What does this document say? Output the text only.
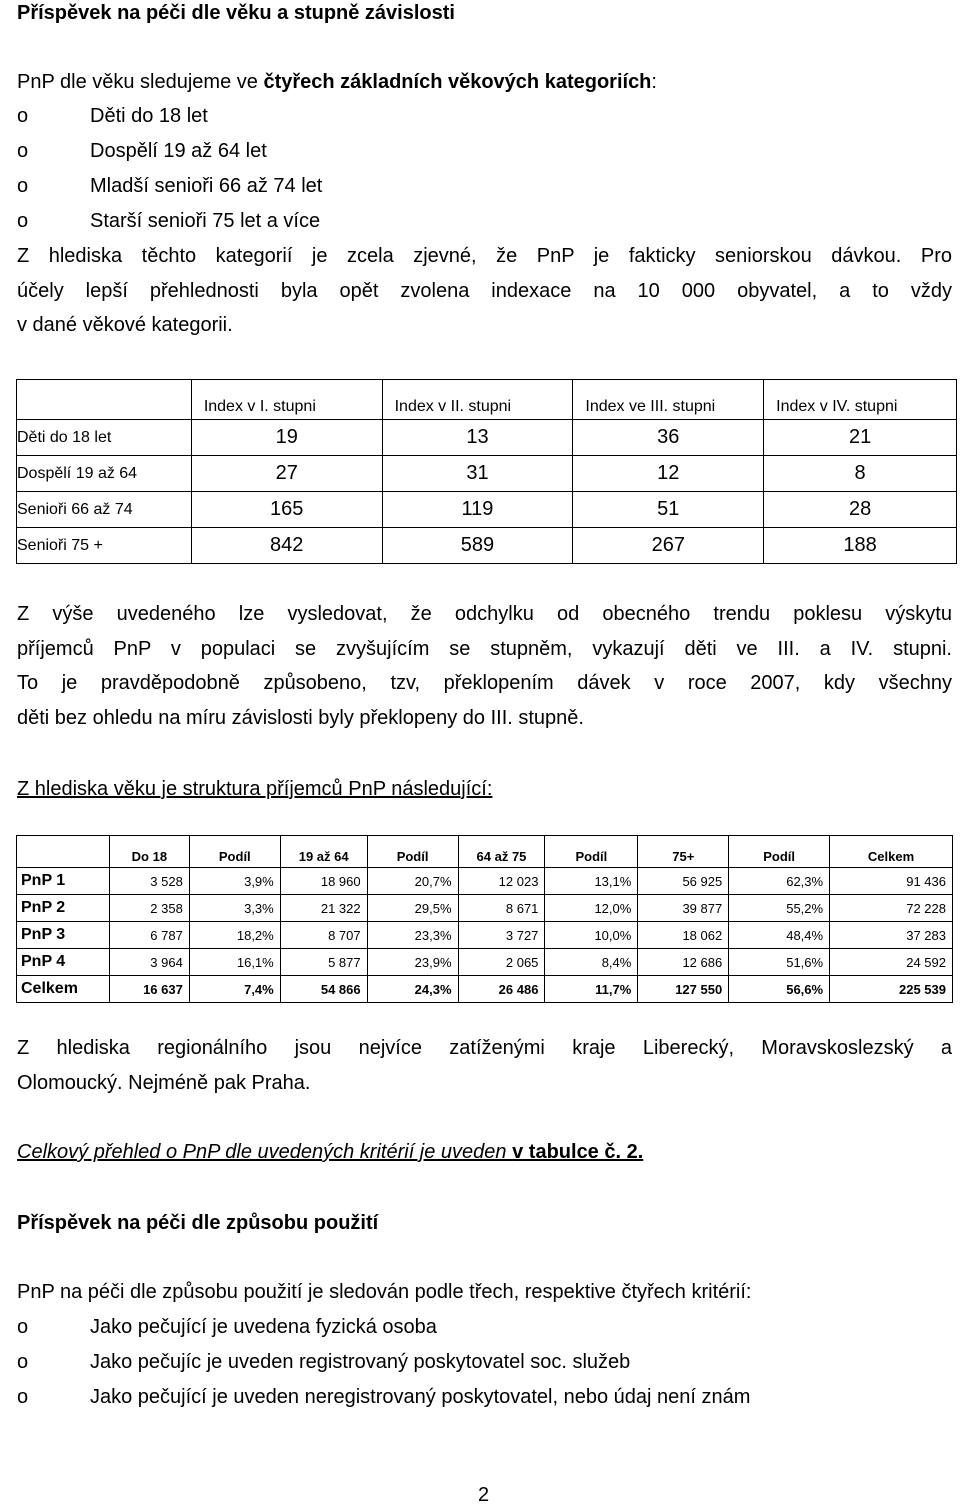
Příspěvek na péči dle věku a stupně závislosti

PnP dle věku sledujeme ve čtyřech základních věkových kategoriích:

o	Děti do 18 let
o	Dospělí 19 až 64 let
o	Mladší senioři 66 až 74 let
o	Starší senioři 75 let a více
Z hlediska těchto kategorií je zcela zjevné, že PnP je fakticky seniorskou dávkou. Pro
účely lepší přehlednosti byla opět zvolena indexace na 10 000 obyvatel, a to vždy
v dané věkové kategorii.
	Index v I. stupni	Index v II. stupni	Index ve III. stupni	Index v IV. stupni
Děti do 18 let	19	13	36	21
Dospělí 19 až 64	27	31	12	8
Senioři 66 až 74	165	119	51	28
Senioři 75 +	842	589	267	188
Z výše uvedeného lze vysledovat, že odchylku od obecného trendu poklesu výskytu
příjemců PnP v populaci se zvyšujícím se stupněm, vykazují děti ve III. a IV. stupni.
To je pravděpodobně způsobeno, tzv, překlopením dávek v roce 2007, kdy všechny
děti bez ohledu na míru závislosti byly překlopeny do III. stupně.

Z hlediska věku je struktura příjemců PnP následující:

	Do 18	Podíl	19 až 64	Podíl	64 až 75	Podíl	75+	Podíl	Celkem
PnP 1	3 528	3,9%	18 960	20,7%	12 023	13,1%	56 925	62,3%	91 436
PnP 2	2 358	3,3%	21 322	29,5%	8 671	12,0%	39 877	55,2%	72 228
PnP 3	6 787	18,2%	8 707	23,3%	3 727	10,0%	18 062	48,4%	37 283
PnP 4	3 964	16,1%	5 877	23,9%	2 065	8,4%	12 686	51,6%	24 592
Celkem	16 637	7,4%	54 866	24,3%	26 486	11,7%	127 550	56,6%	225 539
Z hlediska regionálního jsou nejvíce zatíženými kraje Liberecký, Moravskoslezský a
Olomoucký. Nejméně pak Praha.

Celkový přehled o PnP dle uvedených kritérií je uveden v tabulce č. 2.

Příspěvek na péči dle způsobu použití

PnP na péči dle způsobu použití je sledován podle třech, respektive čtyřech kritérií:

o	Jako pečující je uvedena fyzická osoba
o	Jako pečujíc je uveden registrovaný poskytovatel soc. služeb
o	Jako pečující je uveden neregistrovaný poskytovatel, nebo údaj není znám
2
